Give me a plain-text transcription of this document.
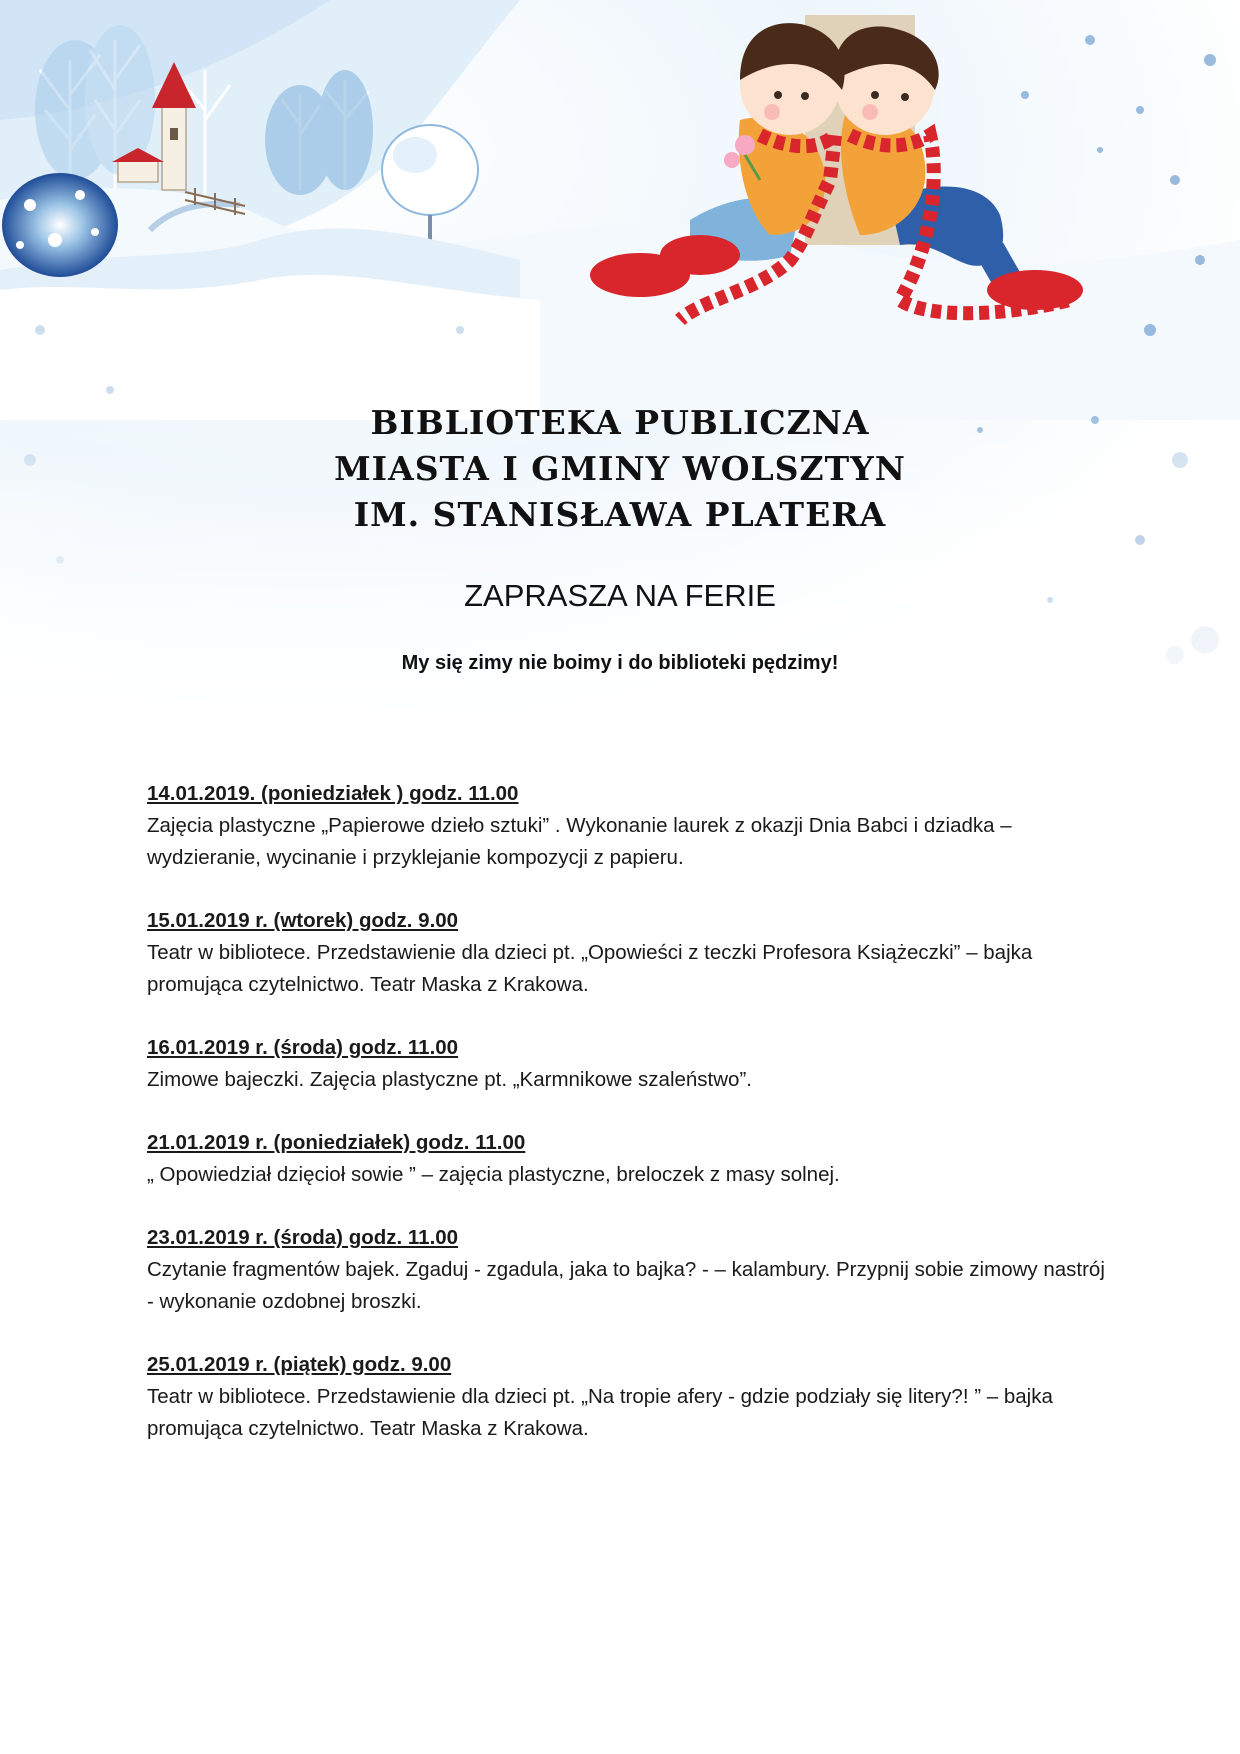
BIBLIOTEKA PUBLICZNA
MIASTA I GMINY WOLSZTYN
IM. STANISŁAWA PLATERA
ZAPRASZA NA FERIE
My się zimy nie boimy i do biblioteki pędzimy!
14.01.2019. (poniedziałek ) godz. 11.00
Zajęcia plastyczne „Papierowe dzieło sztuki” . Wykonanie laurek z okazji Dnia Babci i dziadka – wydzieranie, wycinanie i przyklejanie kompozycji z papieru.
15.01.2019 r. (wtorek) godz. 9.00
Teatr w bibliotece. Przedstawienie dla dzieci pt. „Opowieści z teczki Profesora Książeczki” – bajka promująca czytelnictwo. Teatr Maska z Krakowa.
16.01.2019 r. (środa) godz. 11.00
Zimowe bajeczki. Zajęcia plastyczne pt. „Karmnikowe szaleństwo”.
21.01.2019 r. (poniedziałek) godz. 11.00
„ Opowiedział dzięcioł sowie ” – zajęcia plastyczne, breloczek z masy solnej.
23.01.2019 r. (środa) godz. 11.00
Czytanie fragmentów bajek. Zgaduj - zgadula, jaka to bajka? - – kalambury. Przypnij sobie zimowy nastrój - wykonanie ozdobnej broszki.
25.01.2019 r. (piątek) godz. 9.00
Teatr w bibliotece. Przedstawienie dla dzieci pt. „Na tropie afery - gdzie podziały się litery?! ” – bajka promująca czytelnictwo. Teatr Maska z Krakowa.
